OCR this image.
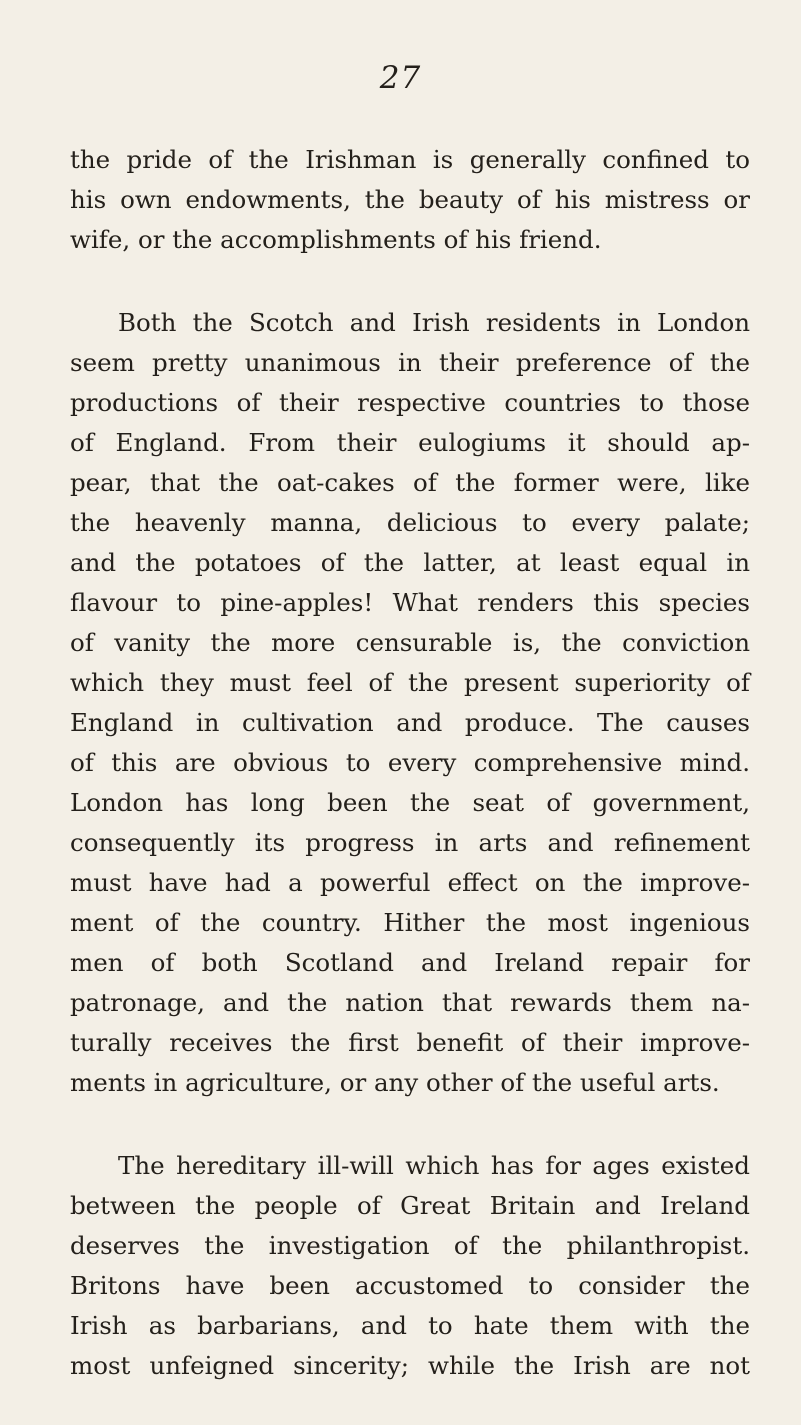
27

the pride of the Irishman is generally confined to
his own endowments, the beauty of his mistress or
wife, or the accomplishments of his friend.

Both the Scotch and Irish residents in London
seem pretty unanimous in their preference of the
productions of their respective countries to those
of England. From their eulogiums it should ap-
pear, that the oat-cakes of the former were, like
the heavenly manna, delicious to every palate;
and the potatoes of the latter, at least equal in
flavour to pine-apples! What renders this species
of vanity the more censurable is, the conviction
which they must feel of the present superiority of
England in cultivation and produce. The causes
of this are obvious to every comprehensive mind.
London has long been the seat of government,
consequently its progress in arts and refinement
must have had a powerful effect on the improve-
ment of the country. Hither the most ingenious
men of both Scotland and Ireland repair for
patronage, and the nation that rewards them na-
turally receives the first benefit of their improve-
ments in agriculture, or any other of the useful arts.

The hereditary ill-will which has for ages existed
between the people of Great Britain and Ireland
deserves the investigation of the philanthropist.
Britons have been accustomed to consider the
Irish as barbarians, and to hate them with the
most unfeigned sincerity; while the Irish are not
